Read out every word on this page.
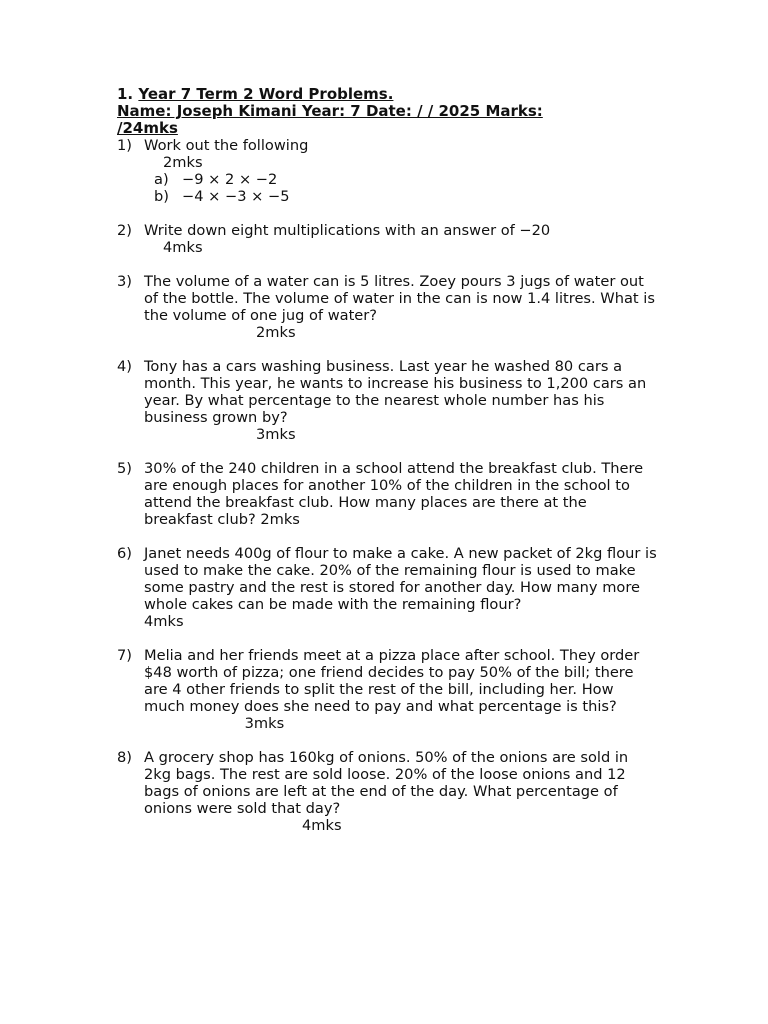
1. Year 7 Term 2 Word Problems.
Name: Joseph Kimani Year: 7 Date: / / 2025 Marks:
/24mks
1) Work out the following
2mks
a) −9 × 2 × −2
b) −4 × −3 × −5
2) Write down eight multiplications with an answer of −20
4mks
3) The volume of a water can is 5 litres. Zoey pours 3 jugs of water out of the bottle. The volume of water in the can is now 1.4 litres. What is the volume of one jug of water?
2mks
4) Tony has a cars washing business. Last year he washed 80 cars a month. This year, he wants to increase his business to 1,200 cars an year. By what percentage to the nearest whole number has his business grown by?
3mks
5) 30% of the 240 children in a school attend the breakfast club. There are enough places for another 10% of the children in the school to attend the breakfast club. How many places are there at the breakfast club? 2mks
6) Janet needs 400g of flour to make a cake. A new packet of 2kg flour is used to make the cake. 20% of the remaining flour is used to make some pastry and the rest is stored for another day. How many more whole cakes can be made with the remaining flour?  4mks
7) Melia and her friends meet at a pizza place after school. They order $48 worth of pizza; one friend decides to pay 50% of the bill; there are 4 other friends to split the rest of the bill, including her. How much money does she need to pay and what percentage is this?  3mks
8) A grocery shop has 160kg of onions. 50% of the onions are sold in 2kg bags. The rest are sold loose. 20% of the loose onions and 12 bags of onions are left at the end of the day. What percentage of onions were sold that day?
4mks
